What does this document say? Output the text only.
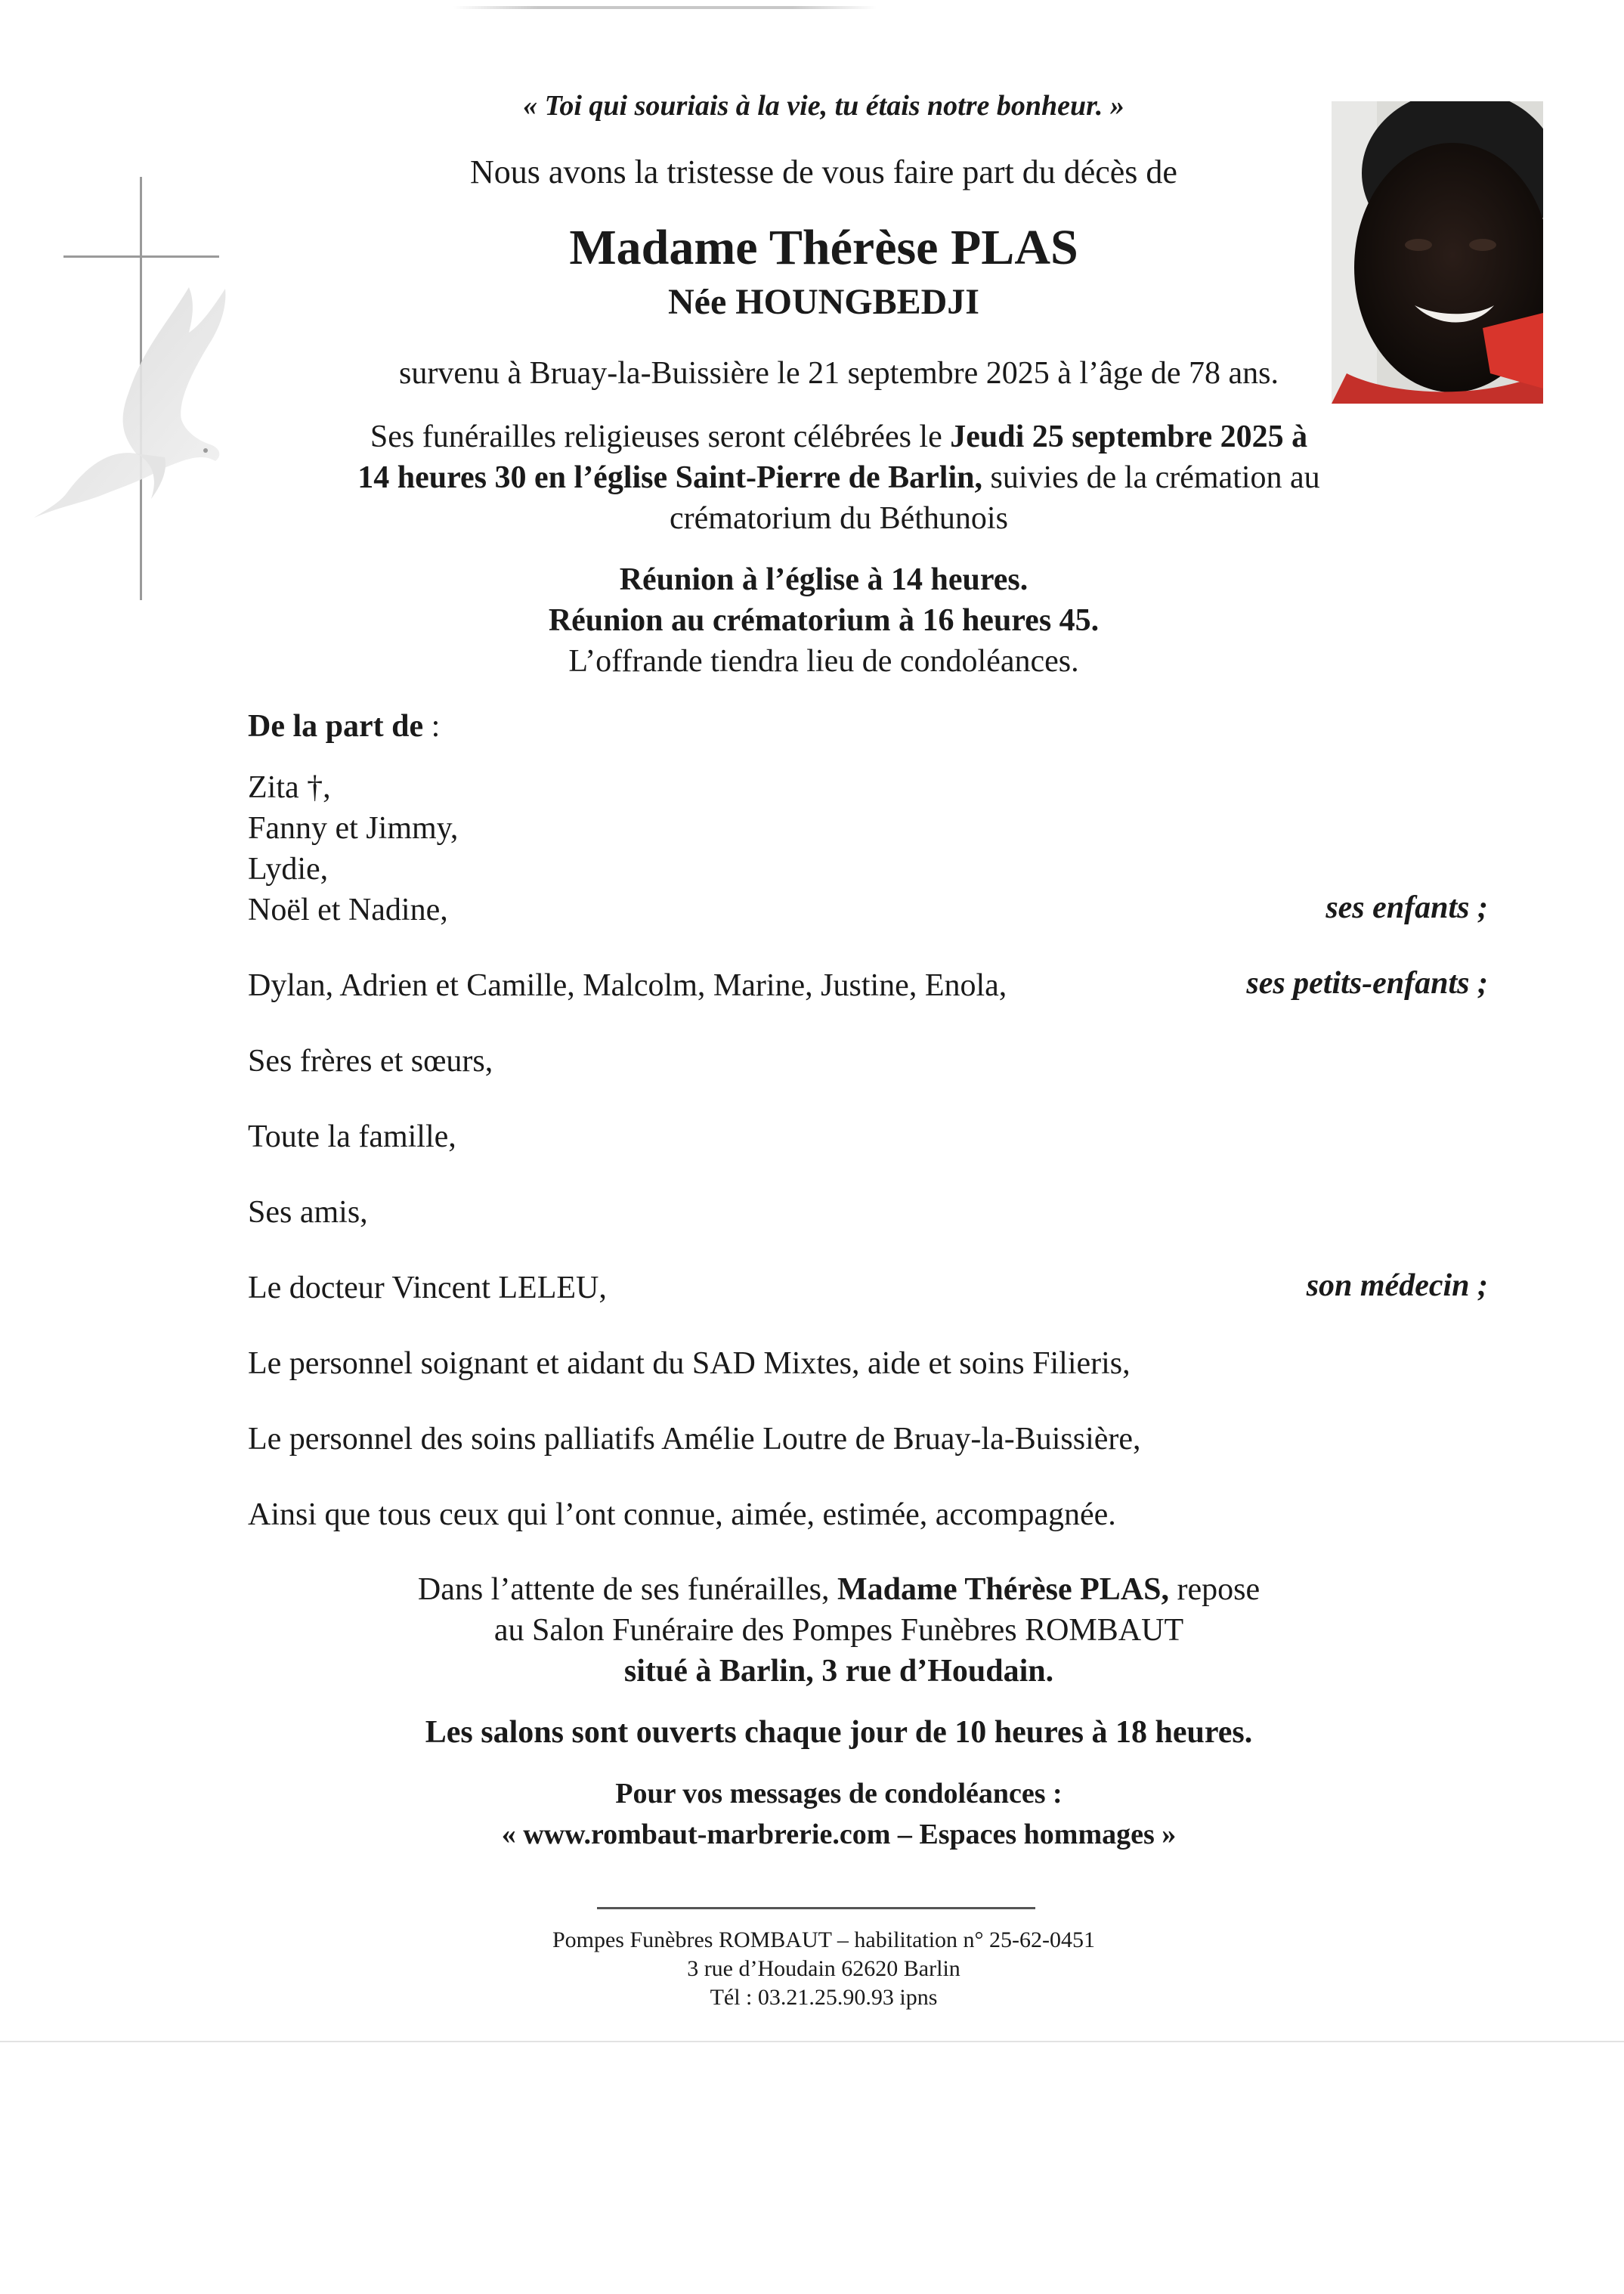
« Toi qui souriais à la vie, tu étais notre bonheur. »
Nous avons la tristesse de vous faire part du décès de
Madame Thérèse PLAS
Née HOUNGBEDJI
survenu à Bruay-la-Buissière le 21 septembre 2025 à l’âge de 78 ans.
Ses funérailles religieuses seront célébrées le Jeudi 25 septembre 2025 à
14 heures 30 en l’église Saint-Pierre de Barlin, suivies de la crémation au
crématorium du Béthunois
Réunion à l’église à 14 heures.
Réunion au crématorium à 16 heures 45.
L’offrande tiendra lieu de condoléances.
De la part de :
Zita †,
Fanny et Jimmy,
Lydie,
Noël et Nadine,	ses enfants ;
Dylan, Adrien et Camille, Malcolm, Marine, Justine, Enola,	ses petits-enfants ;
Ses frères et sœurs,
Toute la famille,
Ses amis,
Le docteur Vincent LELEU,	son médecin ;
Le personnel soignant et aidant du SAD Mixtes, aide et soins Filieris,
Le personnel des soins palliatifs Amélie Loutre de Bruay-la-Buissière,
Ainsi que tous ceux qui l’ont connue, aimée, estimée, accompagnée.
Dans l’attente de ses funérailles, Madame Thérèse PLAS, repose
au Salon Funéraire des Pompes Funèbres ROMBAUT
situé à Barlin, 3 rue d’Houdain.
Les salons sont ouverts chaque jour de 10 heures à 18 heures.
Pour vos messages de condoléances :
« www.rombaut-marbrerie.com – Espaces hommages »
Pompes Funèbres ROMBAUT – habilitation n° 25-62-0451
3 rue d’Houdain 62620 Barlin
Tél : 03.21.25.90.93 ipns
